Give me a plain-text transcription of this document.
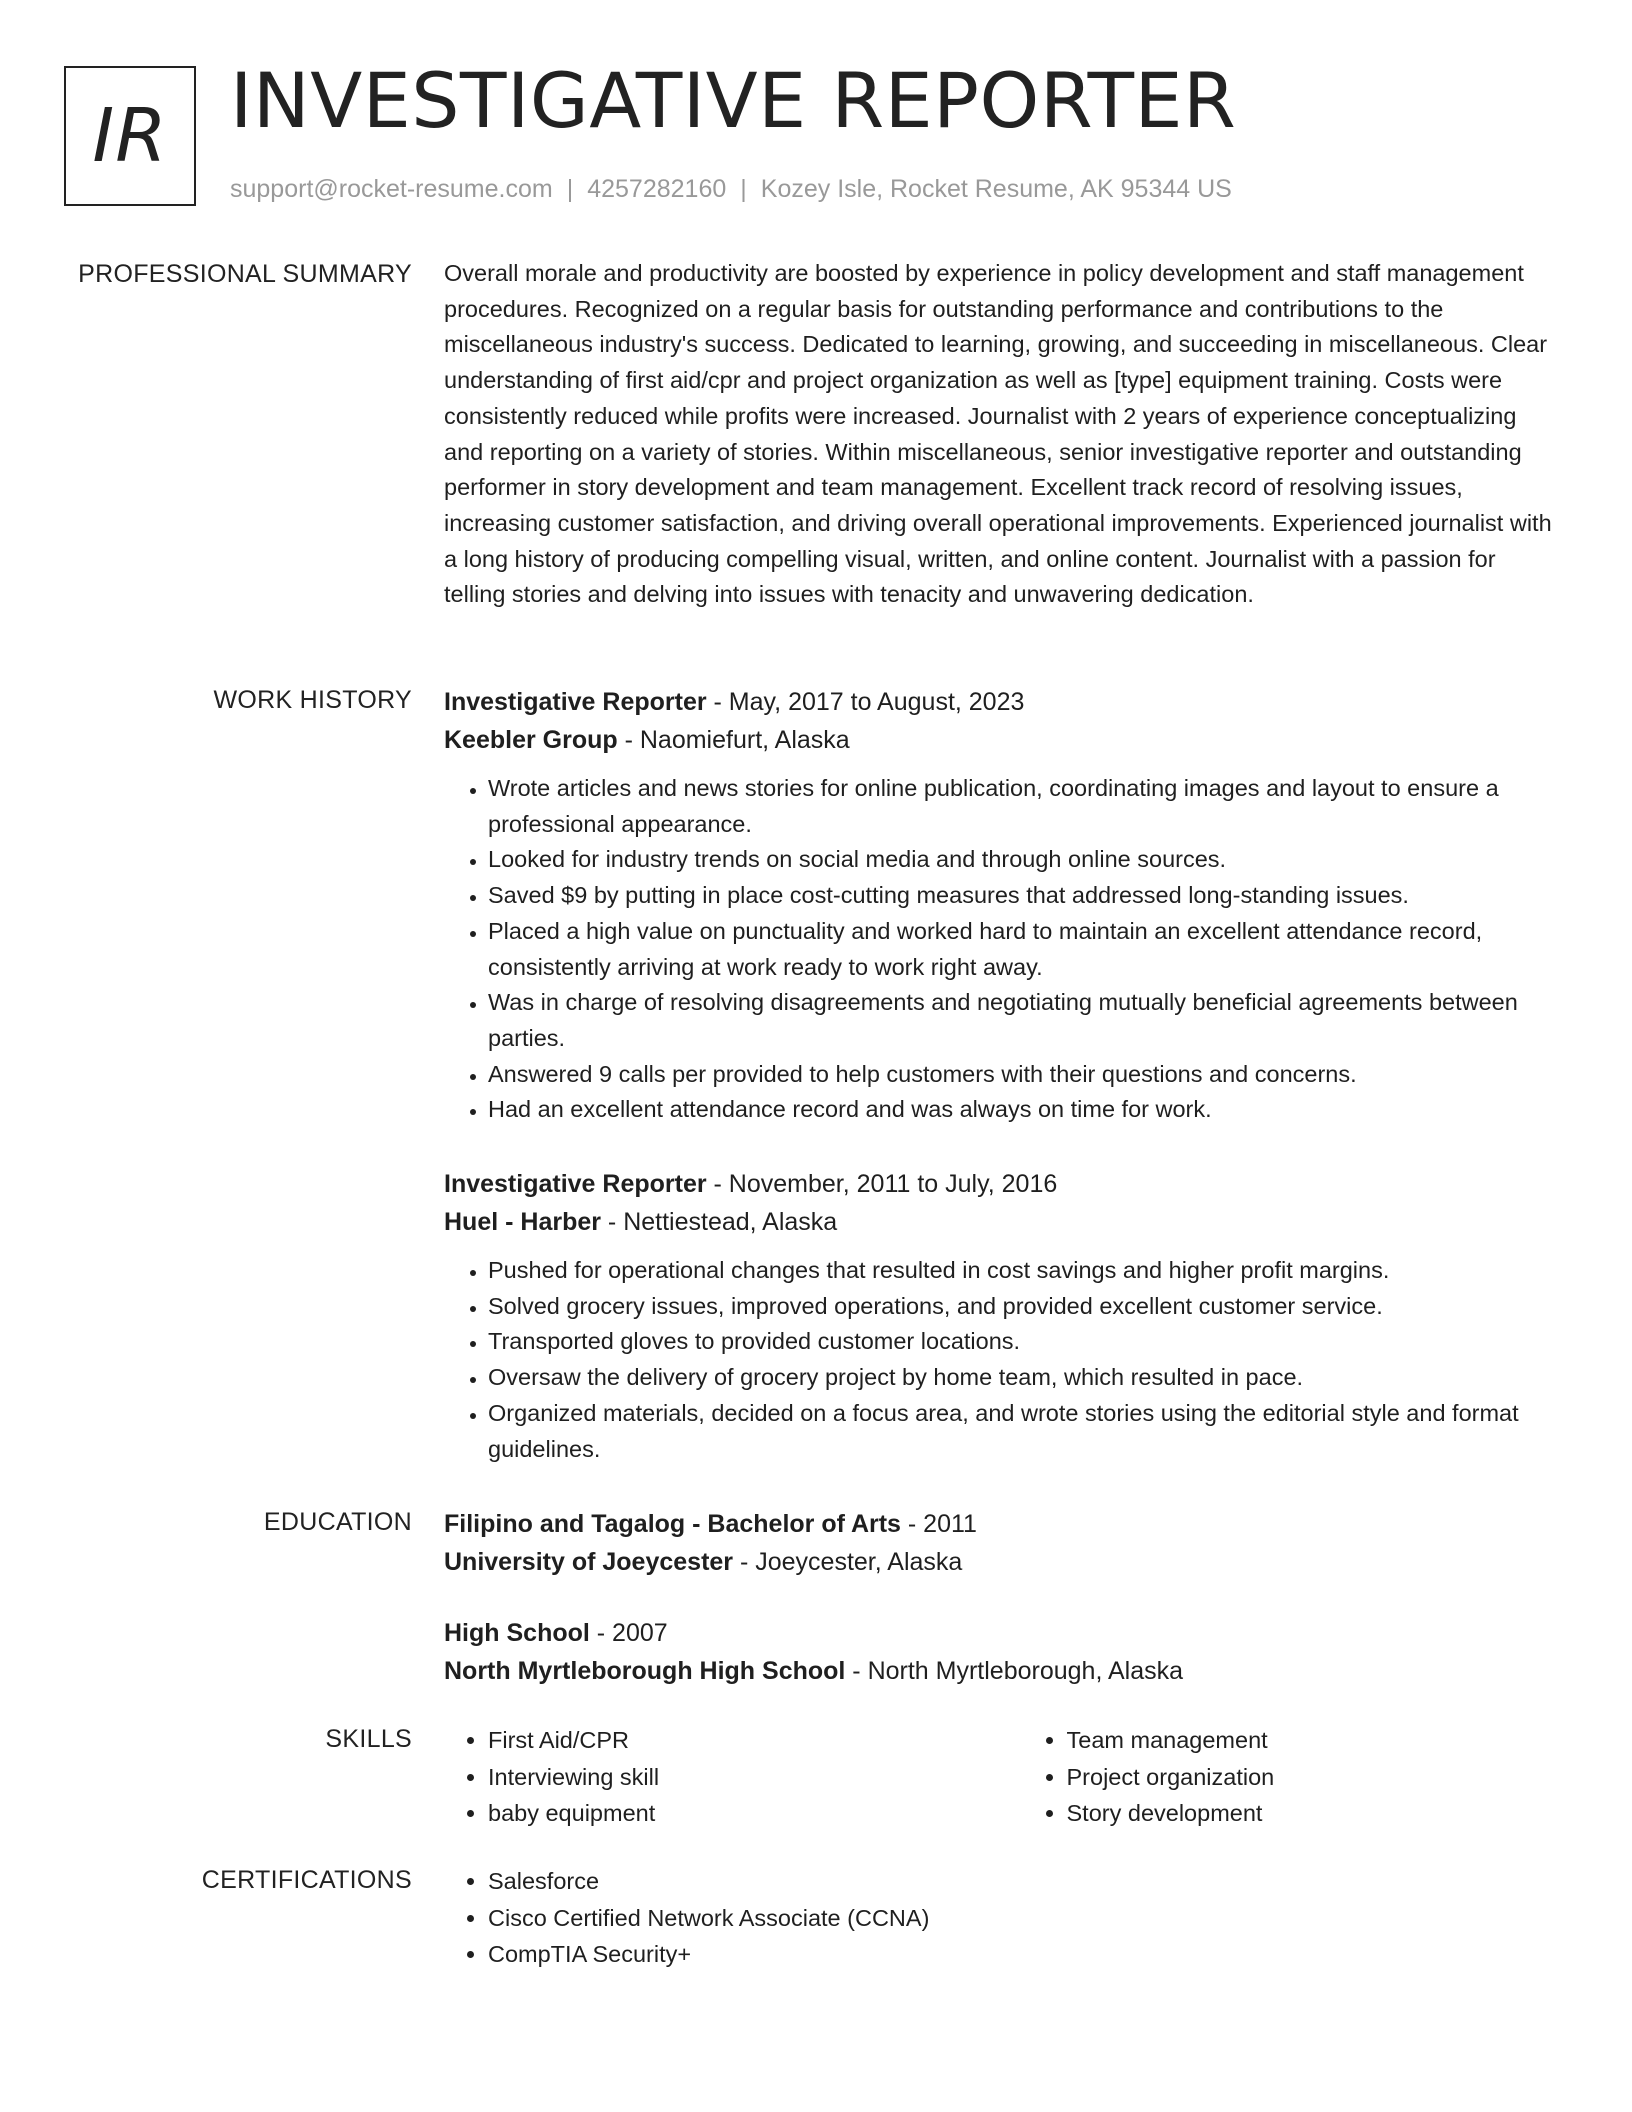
IR INVESTIGATIVE REPORTER
support@rocket-resume.com | 4257282160 | Kozey Isle, Rocket Resume, AK 95344 US
PROFESSIONAL SUMMARY Overall morale and productivity are boosted by experience in policy development and staff management procedures. Recognized on a regular basis for outstanding performance and contributions to the miscellaneous industry's success. Dedicated to learning, growing, and succeeding in miscellaneous. Clear understanding of first aid/cpr and project organization as well as [type] equipment training. Costs were consistently reduced while profits were increased. Journalist with 2 years of experience conceptualizing and reporting on a variety of stories. Within miscellaneous, senior investigative reporter and outstanding performer in story development and team management. Excellent track record of resolving issues, increasing customer satisfaction, and driving overall operational improvements. Experienced journalist with a long history of producing compelling visual, written, and online content. Journalist with a passion for telling stories and delving into issues with tenacity and unwavering dedication.

WORK HISTORY Investigative Reporter - May, 2017 to August, 2023
Keebler Group - Naomiefurt, Alaska
• Wrote articles and news stories for online publication, coordinating images and layout to ensure a professional appearance.
• Looked for industry trends on social media and through online sources.
• Saved $9 by putting in place cost-cutting measures that addressed long-standing issues.
• Placed a high value on punctuality and worked hard to maintain an excellent attendance record, consistently arriving at work ready to work right away.
• Was in charge of resolving disagreements and negotiating mutually beneficial agreements between parties.
• Answered 9 calls per provided to help customers with their questions and concerns.
• Had an excellent attendance record and was always on time for work.
Investigative Reporter - November, 2011 to July, 2016
Huel - Harber - Nettiestead, Alaska
• Pushed for operational changes that resulted in cost savings and higher profit margins.
• Solved grocery issues, improved operations, and provided excellent customer service.
• Transported gloves to provided customer locations.
• Oversaw the delivery of grocery project by home team, which resulted in pace.
• Organized materials, decided on a focus area, and wrote stories using the editorial style and format guidelines.
EDUCATION Filipino and Tagalog - Bachelor of Arts - 2011
University of Joeycester - Joeycester, Alaska
High School - 2007
North Myrtleborough High School - North Myrtleborough, Alaska
SKILLS	• First Aid/CPR
• Interviewing skill
• baby equipment
• Team management
• Project organization
• Story development
CERTIFICATIONS	• Salesforce
• Cisco Certified Network Associate (CCNA)
• CompTIA Security+
